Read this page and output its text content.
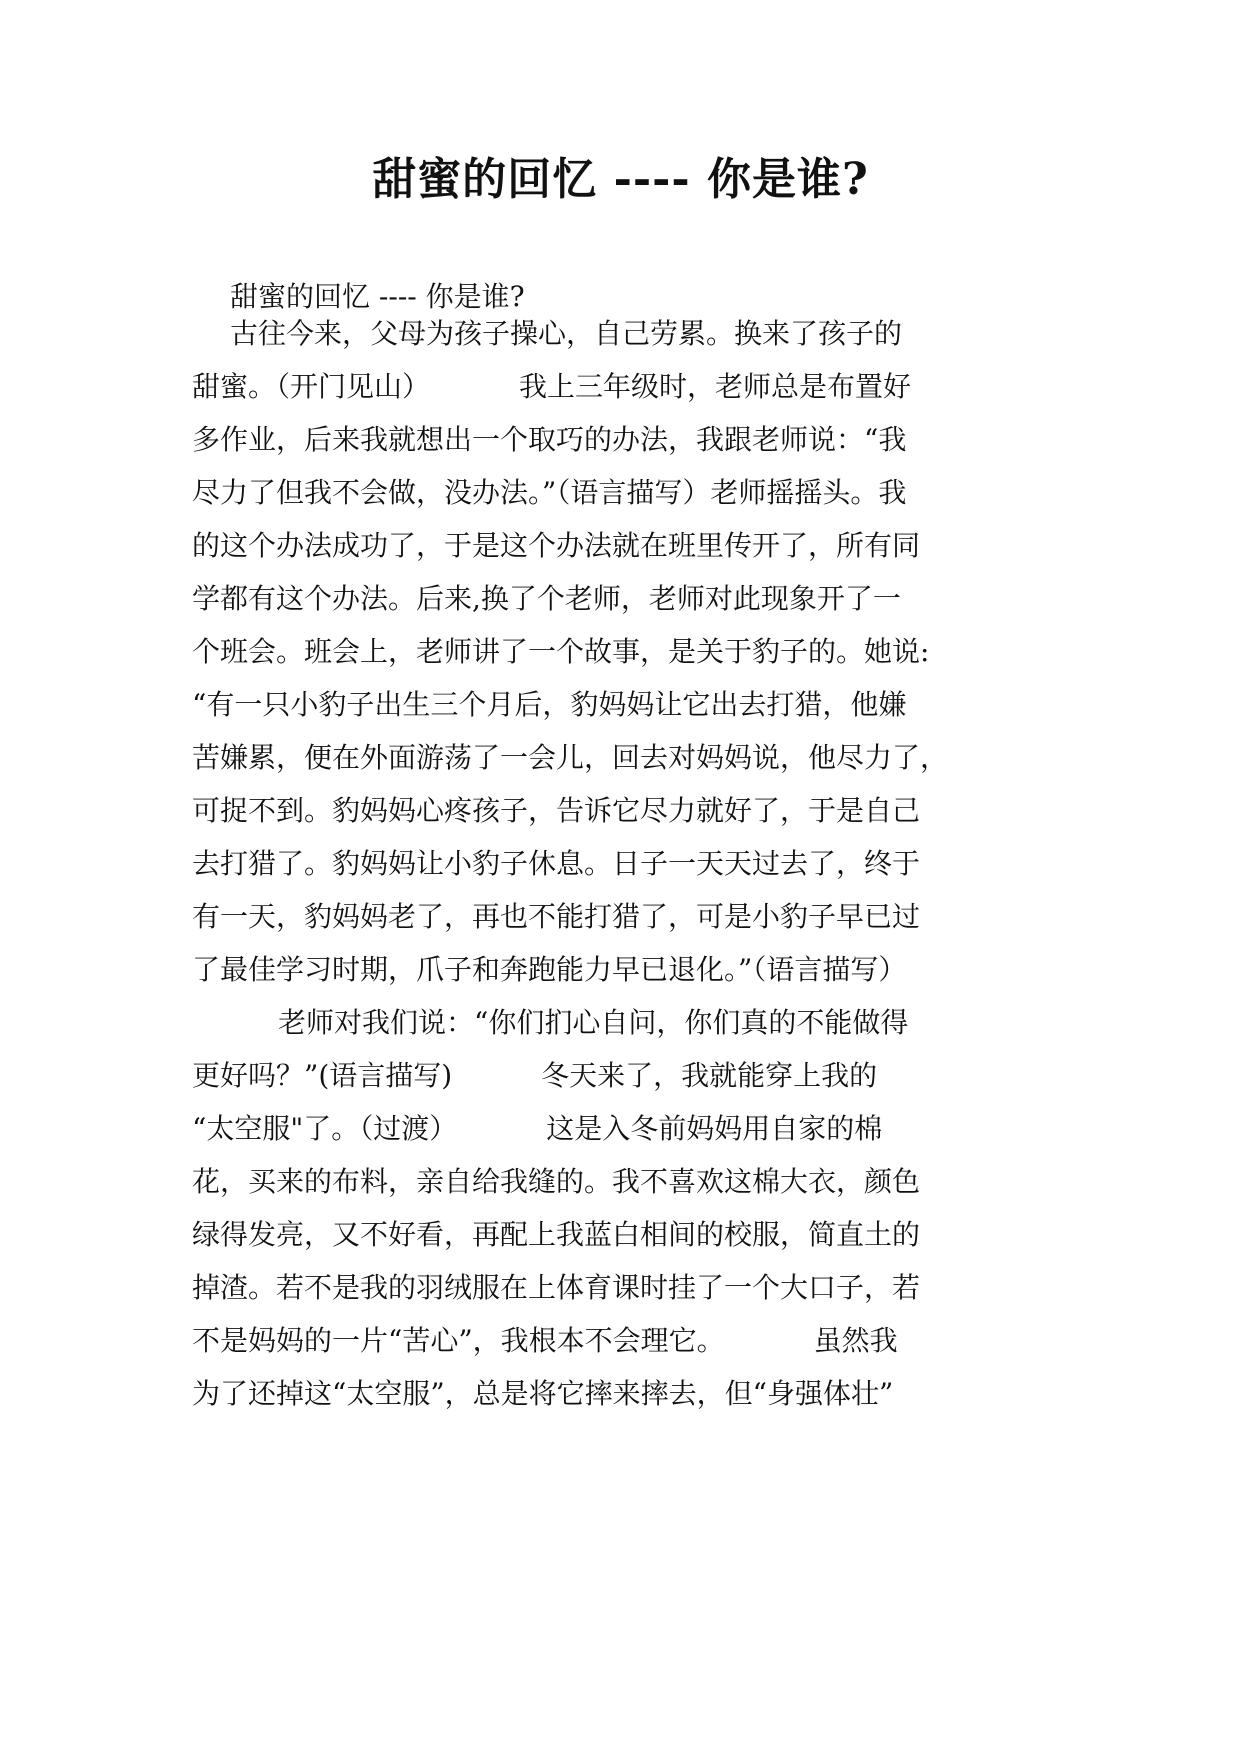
甜蜜的回忆 ---- 你是谁?
甜蜜的回忆 ---- 你是谁?
古往今来，父母为孩子操心，自己劳累。换来了孩子的
甜蜜。（开门见山）          我上三年级时，老师总是布置好
多作业，后来我就想出一个取巧的办法，我跟老师说：“我
尽力了但我不会做，没办法。”（语言描写）老师摇摇头。我
的这个办法成功了，于是这个办法就在班里传开了，所有同
学都有这个办法。后来,换了个老师，老师对此现象开了一
个班会。班会上，老师讲了一个故事，是关于豹子的。她说:
“有一只小豹子出生三个月后，豹妈妈让它出去打猎，他嫌
苦嫌累，便在外面游荡了一会儿，回去对妈妈说，他尽力了，
可捉不到。豹妈妈心疼孩子，告诉它尽力就好了，于是自己
去打猎了。豹妈妈让小豹子休息。日子一天天过去了，终于
有一天，豹妈妈老了，再也不能打猎了，可是小豹子早已过
了最佳学习时期，爪子和奔跑能力早已退化。”（语言描写）
老师对我们说：“你们扪心自问，你们真的不能做得
更好吗？”(语言描写)          冬天来了，我就能穿上我的
“太空服"了。（过渡）          这是入冬前妈妈用自家的棉
花，买来的布料，亲自给我缝的。我不喜欢这棉大衣，颜色
绿得发亮，又不好看，再配上我蓝白相间的校服，简直土的
掉渣。若不是我的羽绒服在上体育课时挂了一个大口子，若
不是妈妈的一片“苦心”，我根本不会理它。          虽然我
为了还掉这“太空服”，总是将它摔来摔去，但“身强体壮”
